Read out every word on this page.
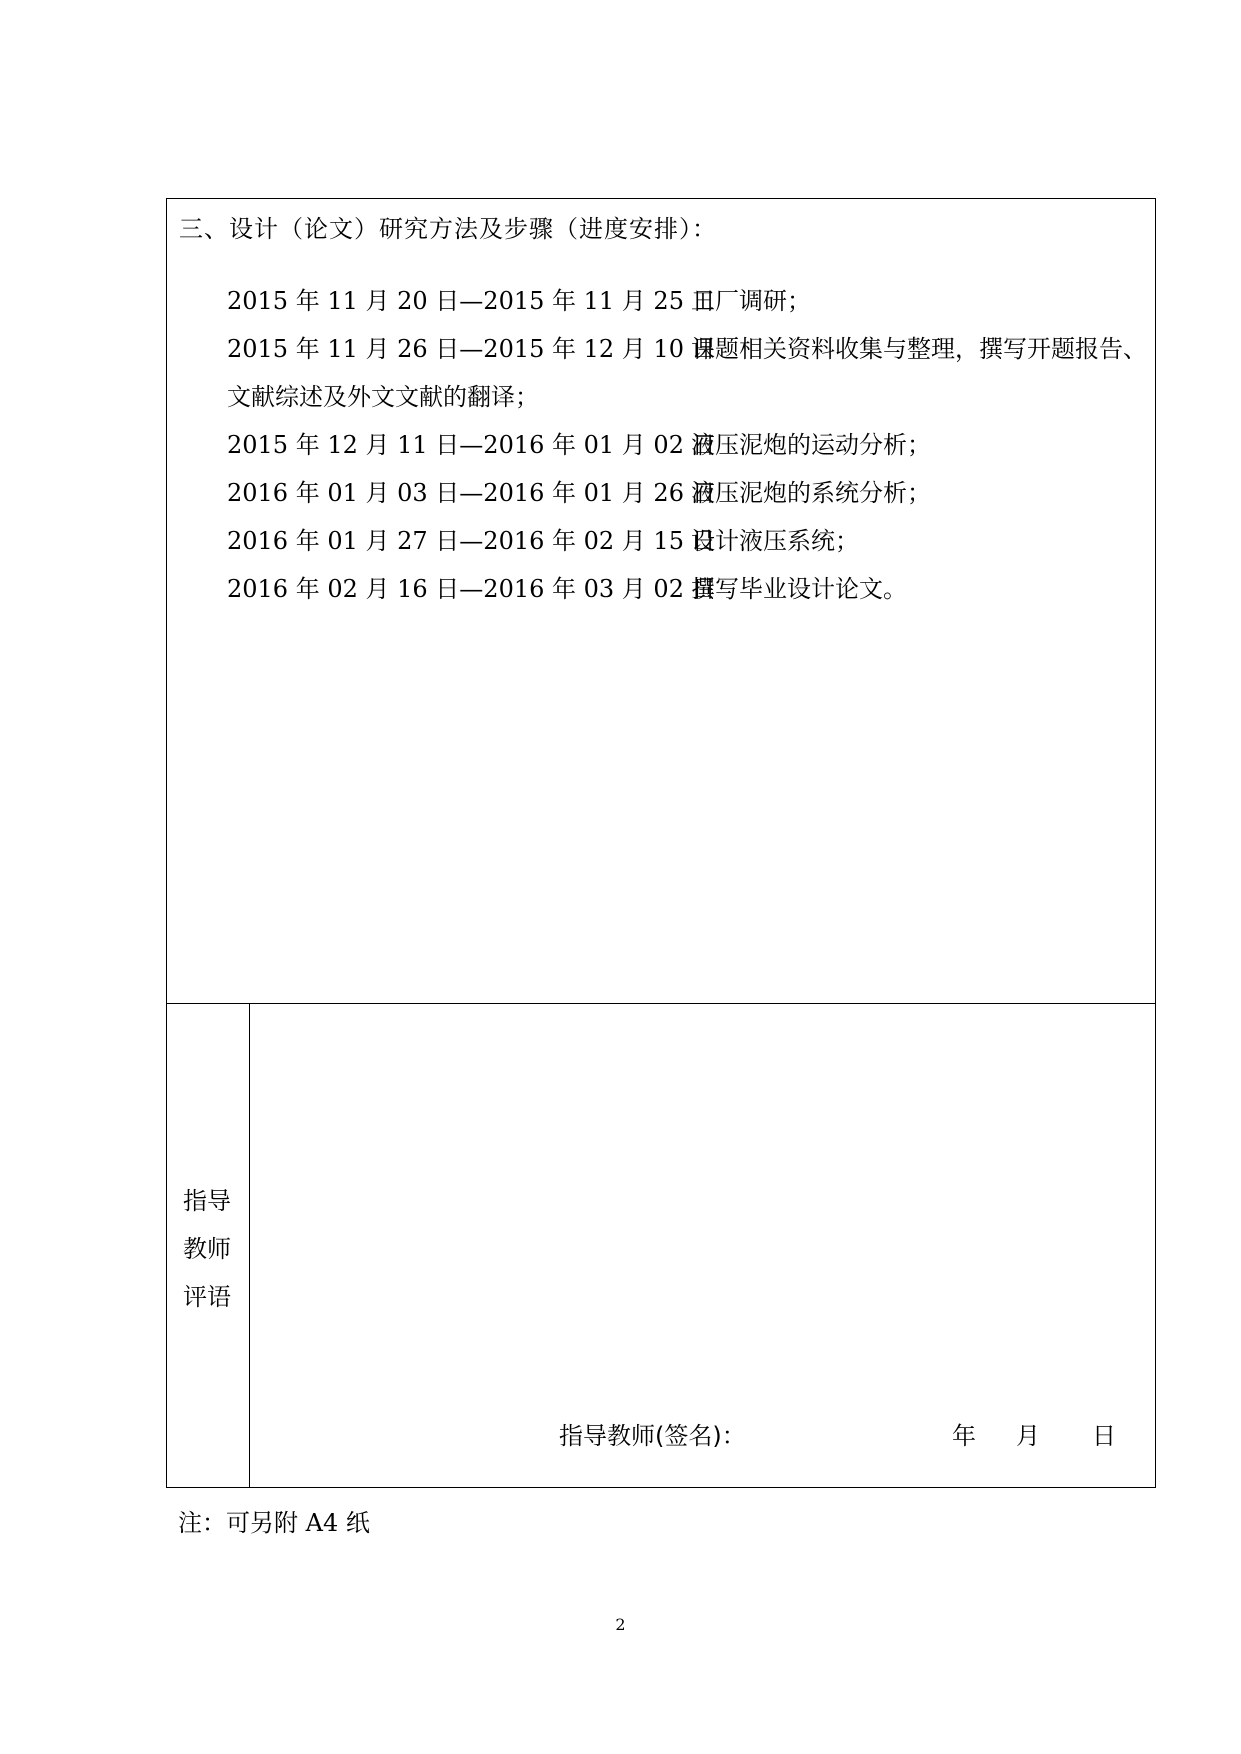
三、设计（论文）研究方法及步骤（进度安排）：
2015 年 11 月 20 日—2015 年 11 月 25 日工厂调研；
2015 年 11 月 26 日—2015 年 12 月 10 日课题相关资料收集与整理，撰写开题报告、
文献综述及外文文献的翻译；
2015 年 12 月 11 日—2016 年 01 月 02 日液压泥炮的运动分析；
2016 年 01 月 03 日—2016 年 01 月 26 日液压泥炮的系统分析；
2016 年 01 月 27 日—2016 年 02 月 15 日设计液压系统；
2016 年 02 月 16 日—2016 年 03 月 02 日撰写毕业设计论文。
指导
教师
评语
指导教师(签名)：	年 月 日
注：可另附 A4 纸
2
